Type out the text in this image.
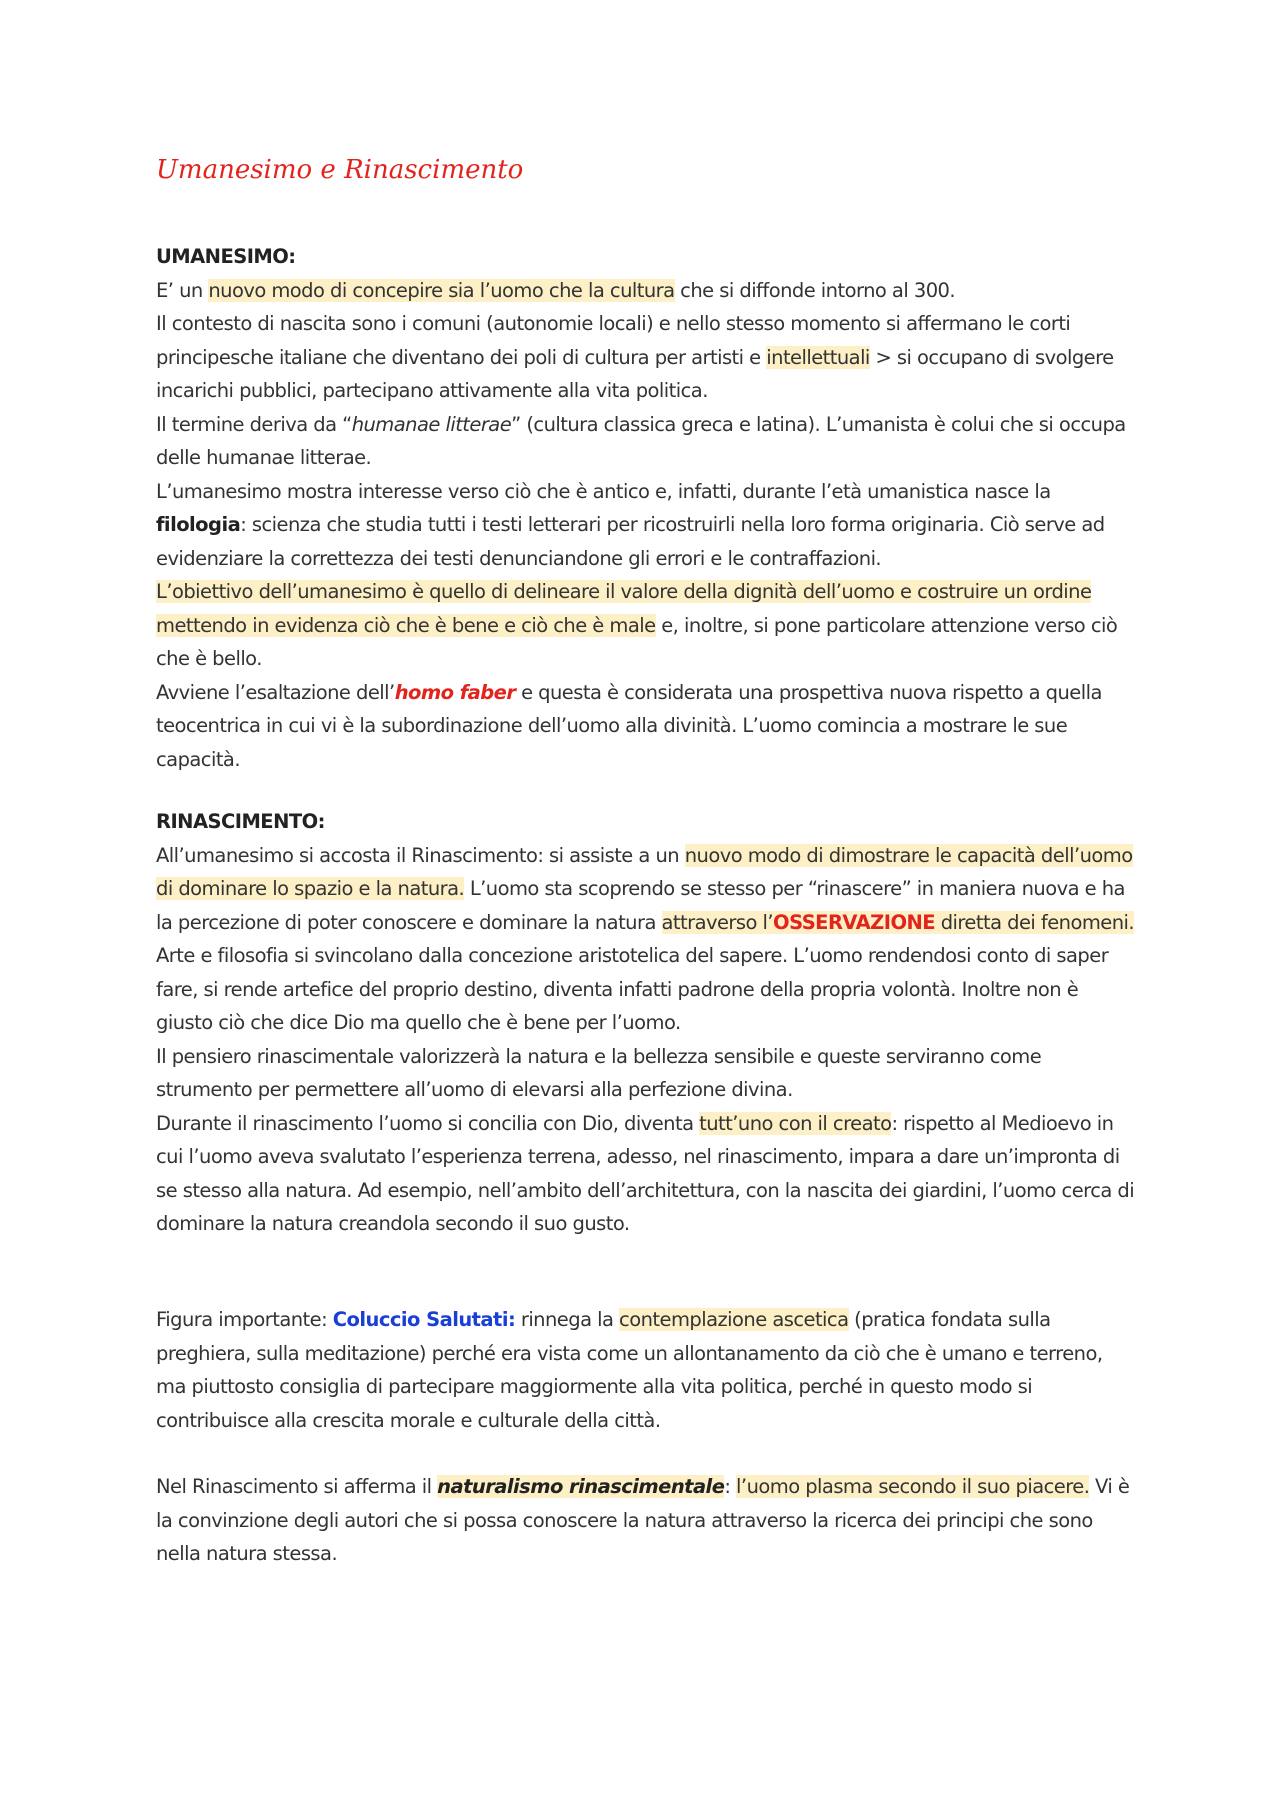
Umanesimo e Rinascimento

UMANESIMO:

E’ un nuovo modo di concepire sia l’uomo che la cultura che si diffonde intorno al 300.

Il contesto di nascita sono i comuni (autonomie locali) e nello stesso momento si affermano le corti principesche italiane che diventano dei poli di cultura per artisti e intellettuali > si occupano di svolgere incarichi pubblici, partecipano attivamente alla vita politica.

Il termine deriva da “humanae litterae” (cultura classica greca e latina). L’umanista è colui che si occupa delle humanae litterae.

L’umanesimo mostra interesse verso ciò che è antico e, infatti, durante l’età umanistica nasce la filologia: scienza che studia tutti i testi letterari per ricostruirli nella loro forma originaria. Ciò serve ad evidenziare la correttezza dei testi denunciandone gli errori e le contraffazioni.

L’obiettivo dell’umanesimo è quello di delineare il valore della dignità dell’uomo e costruire un ordine mettendo in evidenza ciò che è bene e ciò che è male e, inoltre, si pone particolare attenzione verso ciò che è bello.

Avviene l’esaltazione dell’homo faber e questa è considerata una prospettiva nuova rispetto a quella teocentrica in cui vi è la subordinazione dell’uomo alla divinità. L’uomo comincia a mostrare le sue capacità.

RINASCIMENTO:

All’umanesimo si accosta il Rinascimento: si assiste a un nuovo modo di dimostrare le capacità dell’uomo di dominare lo spazio e la natura. L’uomo sta scoprendo se stesso per “rinascere” in maniera nuova e ha la percezione di poter conoscere e dominare la natura attraverso l’OSSERVAZIONE diretta dei fenomeni.

Arte e filosofia si svincolano dalla concezione aristotelica del sapere. L’uomo rendendosi conto di saper fare, si rende artefice del proprio destino, diventa infatti padrone della propria volontà. Inoltre non è giusto ciò che dice Dio ma quello che è bene per l’uomo.

Il pensiero rinascimentale valorizzerà la natura e la bellezza sensibile e queste serviranno come strumento per permettere all’uomo di elevarsi alla perfezione divina.

Durante il rinascimento l’uomo si concilia con Dio, diventa tutt’uno con il creato: rispetto al Medioevo in cui l’uomo aveva svalutato l’esperienza terrena, adesso, nel rinascimento, impara a dare un’impronta di se stesso alla natura. Ad esempio, nell’ambito dell’architettura, con la nascita dei giardini, l’uomo cerca di dominare la natura creandola secondo il suo gusto.

Figura importante: Coluccio Salutati: rinnega la contemplazione ascetica (pratica fondata sulla preghiera, sulla meditazione) perché era vista come un allontanamento da ciò che è umano e terreno, ma piuttosto consiglia di partecipare maggiormente alla vita politica, perché in questo modo si contribuisce alla crescita morale e culturale della città.

Nel Rinascimento si afferma il naturalismo rinascimentale: l’uomo plasma secondo il suo piacere. Vi è la convinzione degli autori che si possa conoscere la natura attraverso la ricerca dei principi che sono nella natura stessa.
